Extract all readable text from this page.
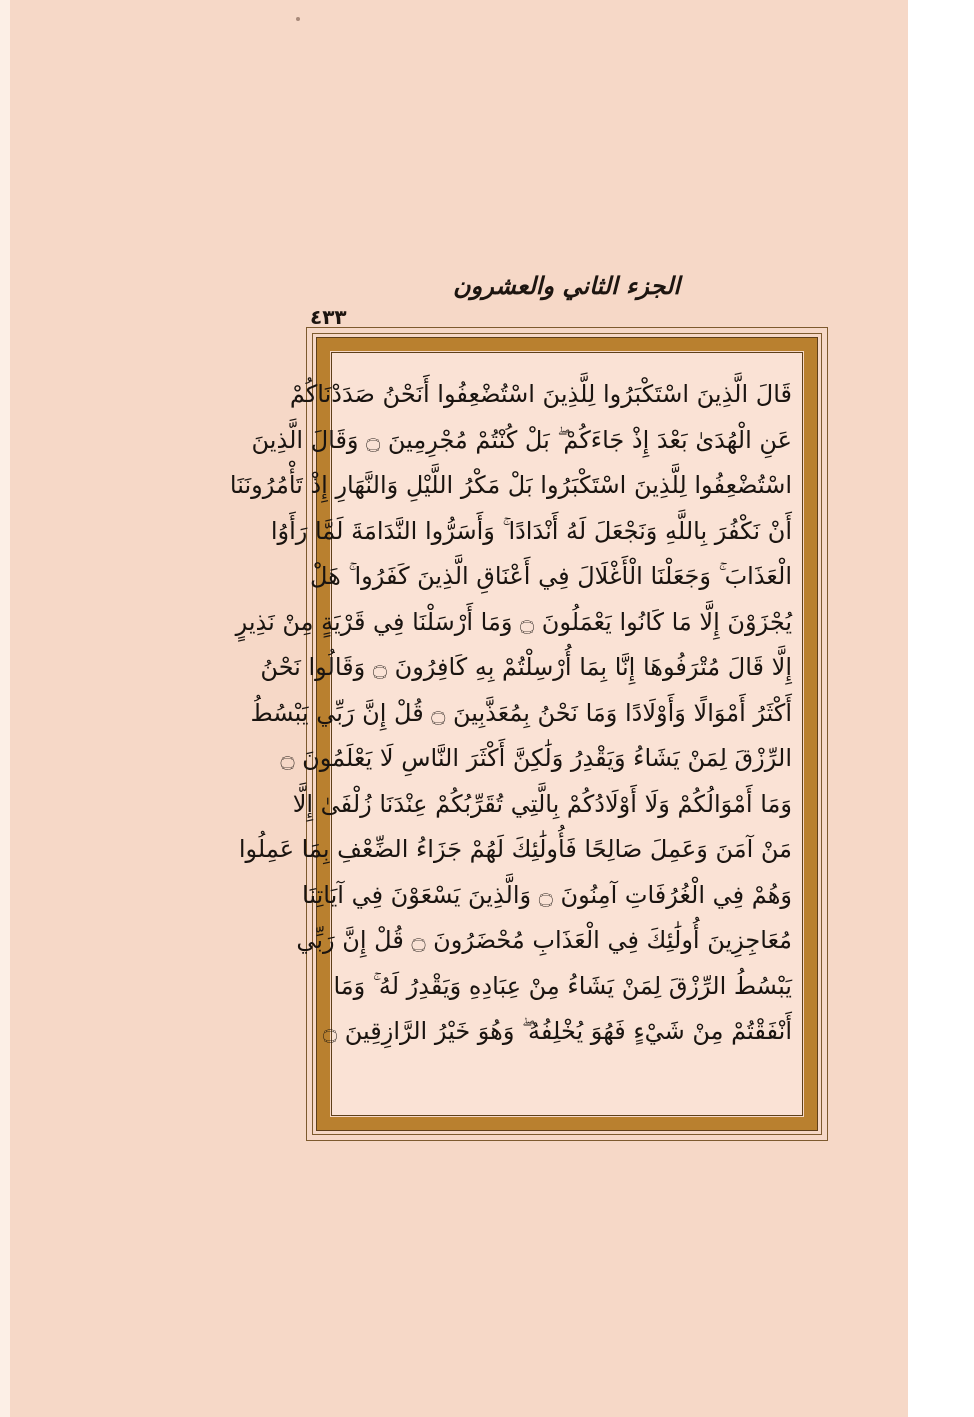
الجزء الثاني والعشرون
٤٣٣
قَالَ الَّذِينَ اسْتَكْبَرُوا لِلَّذِينَ اسْتُضْعِفُوا أَنَحْنُ صَدَدْنَاكُمْ
عَنِ الْهُدَىٰ بَعْدَ إِذْ جَاءَكُمْ ۖ بَلْ كُنْتُمْ مُجْرِمِينَ ۝ وَقَالَ الَّذِينَ
اسْتُضْعِفُوا لِلَّذِينَ اسْتَكْبَرُوا بَلْ مَكْرُ اللَّيْلِ وَالنَّهَارِ إِذْ تَأْمُرُونَنَا
أَنْ نَكْفُرَ بِاللَّهِ وَنَجْعَلَ لَهُ أَنْدَادًا ۚ وَأَسَرُّوا النَّدَامَةَ لَمَّا رَأَوُا
الْعَذَابَ ۚ وَجَعَلْنَا الْأَغْلَالَ فِي أَعْنَاقِ الَّذِينَ كَفَرُوا ۚ هَلْ
يُجْزَوْنَ إِلَّا مَا كَانُوا يَعْمَلُونَ ۝ وَمَا أَرْسَلْنَا فِي قَرْيَةٍ مِنْ نَذِيرٍ
إِلَّا قَالَ مُتْرَفُوهَا إِنَّا بِمَا أُرْسِلْتُمْ بِهِ كَافِرُونَ ۝ وَقَالُوا نَحْنُ
أَكْثَرُ أَمْوَالًا وَأَوْلَادًا وَمَا نَحْنُ بِمُعَذَّبِينَ ۝ قُلْ إِنَّ رَبِّي يَبْسُطُ
الرِّزْقَ لِمَنْ يَشَاءُ وَيَقْدِرُ وَلَٰكِنَّ أَكْثَرَ النَّاسِ لَا يَعْلَمُونَ ۝
وَمَا أَمْوَالُكُمْ وَلَا أَوْلَادُكُمْ بِالَّتِي تُقَرِّبُكُمْ عِنْدَنَا زُلْفَىٰ إِلَّا
مَنْ آمَنَ وَعَمِلَ صَالِحًا فَأُولَٰئِكَ لَهُمْ جَزَاءُ الضِّعْفِ بِمَا عَمِلُوا
وَهُمْ فِي الْغُرُفَاتِ آمِنُونَ ۝ وَالَّذِينَ يَسْعَوْنَ فِي آيَاتِنَا
مُعَاجِزِينَ أُولَٰئِكَ فِي الْعَذَابِ مُحْضَرُونَ ۝ قُلْ إِنَّ رَبِّي
يَبْسُطُ الرِّزْقَ لِمَنْ يَشَاءُ مِنْ عِبَادِهِ وَيَقْدِرُ لَهُ ۚ وَمَا
أَنْفَقْتُمْ مِنْ شَيْءٍ فَهُوَ يُخْلِفُهُ ۖ وَهُوَ خَيْرُ الرَّازِقِينَ ۝
